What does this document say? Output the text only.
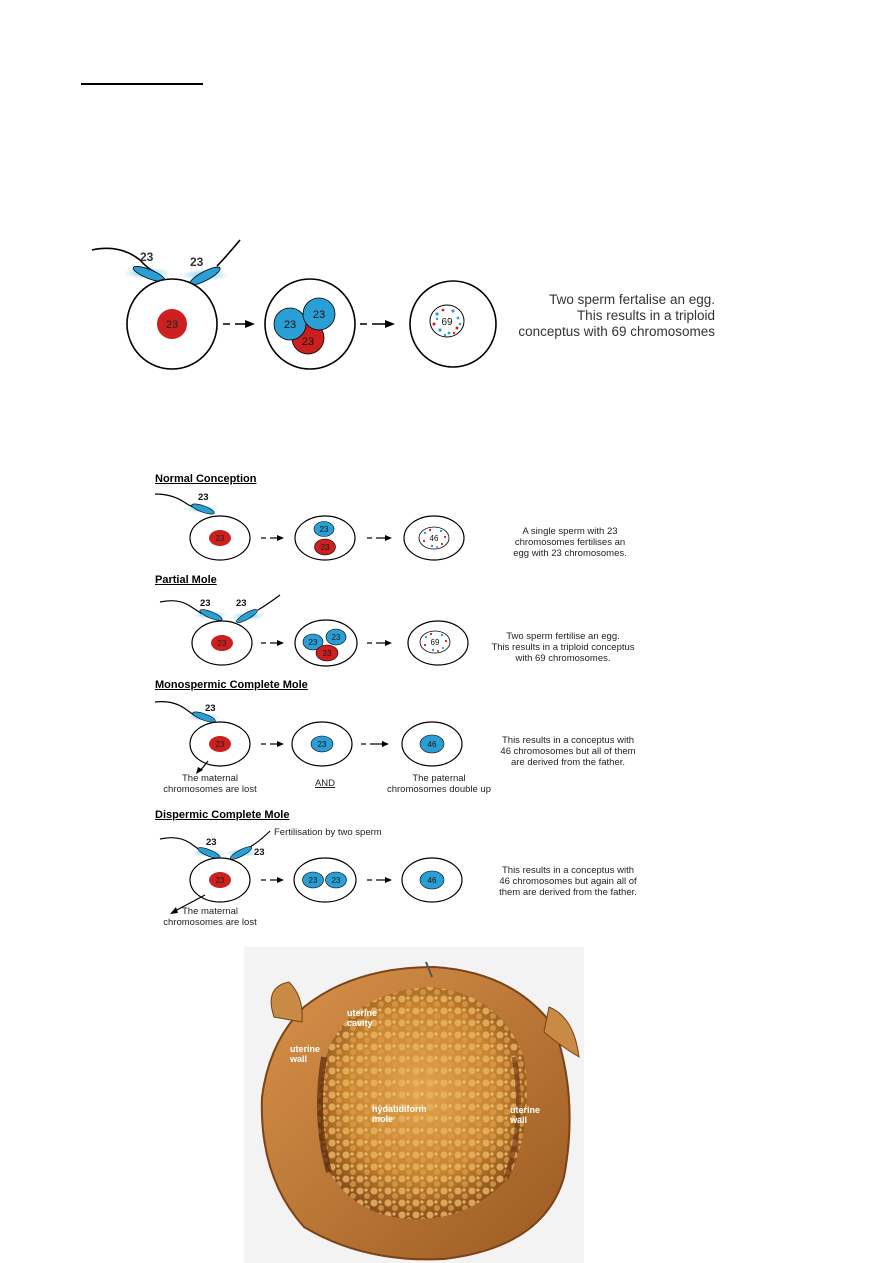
23	23
23	23
23
23
69
Two sperm fertalise an egg.
This results in a triploid
conceptus with 69 chromosomes
Normal Conception
23
23
23
23
46
A single sperm with 23
chromosomes fertilises an
egg with 23 chromosomes.
Partial Mole
23	23
23	23
23
23
69
Two sperm fertilise an egg.
This results in a triploid conceptus
with 69 chromosomes.
Monospermic Complete Mole
23
23	23	46
The maternal
chromosomes are lost
AND	The paternal
chromosomes double up
This results in a conceptus with
46 chromosomes but all of them
are derived from the father.
Dispermic Complete Mole
Fertilisation by two sperm
23
23
23	23 23	46
The maternal
chromosomes are lost
This results in a conceptus with
46 chromosomes but again all of
them are derived from the father.
uterine
cavity
uterine
wall
hydatidiform
mole
uterine
wall
